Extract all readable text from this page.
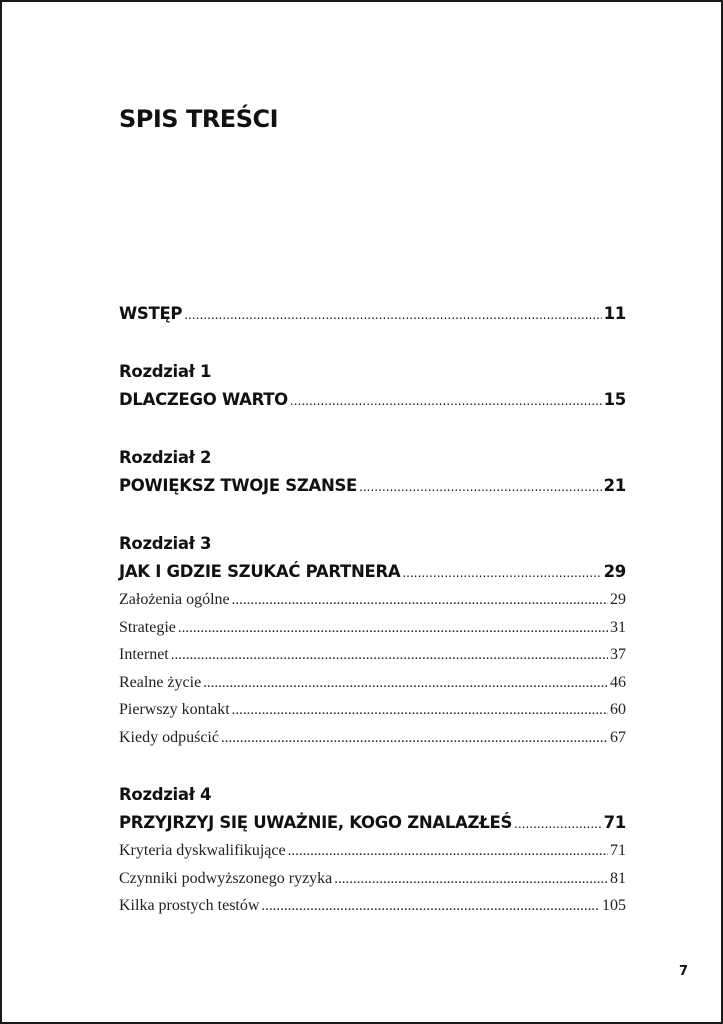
SPIS TREŚCI
WSTĘP .....	11
Rozdział 1
DLACZEGO WARTO .....	15
Rozdział 2
POWIĘKSZ TWOJE SZANSE .....	21
Rozdział 3
JAK I GDZIE SZUKAĆ PARTNERA .....	29
Założenia ogólne .....	29
Strategie .....	31
Internet .....	37
Realne życie .....	46
Pierwszy kontakt .....	60
Kiedy odpuścić .....	67
Rozdział 4
PRZYJRZYJ SIĘ UWAŻNIE, KOGO ZNALAZŁEŚ .....	71
Kryteria dyskwalifikujące .....	71
Czynniki podwyższonego ryzyka .....	81
Kilka prostych testów .....	105
7
